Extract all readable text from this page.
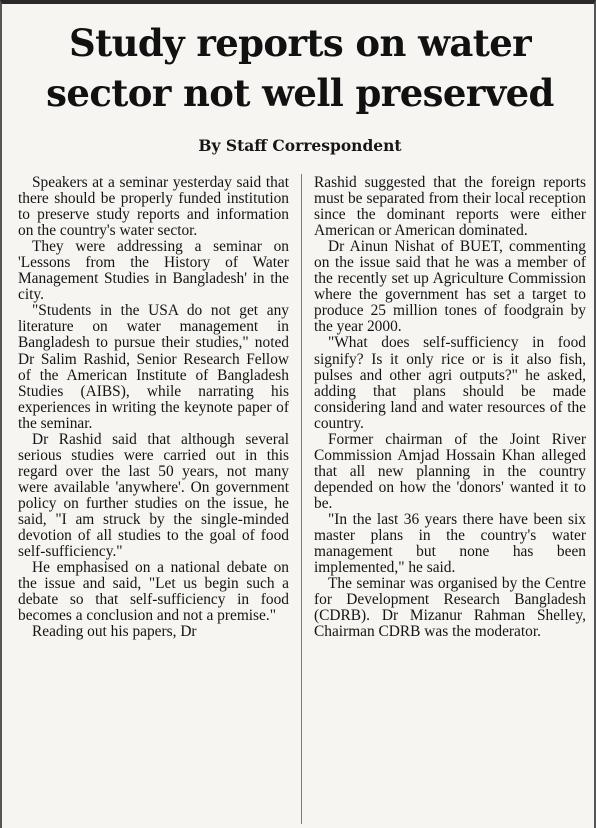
Study reports on water
sector not well preserved
By Staff Correspondent

Speakers at a seminar yesterday said that there should be properly funded institution to preserve study reports and information on the country's water sector.

They were addressing a seminar on 'Lessons from the History of Water Management Studies in Bangladesh' in the city.

"Students in the USA do not get any literature on water management in Bangladesh to pursue their studies," noted Dr Salim Rashid, Senior Research Fellow of the American Institute of Bangladesh Studies (AIBS), while narrating his experiences in writing the keynote paper of the seminar.

Dr Rashid said that although several serious studies were carried out in this regard over the last 50 years, not many were available 'anywhere'. On government policy on further studies on the issue, he said, "I am struck by the single-minded devotion of all studies to the goal of food self-sufficiency."

He emphasised on a national debate on the issue and said, "Let us begin such a debate so that self-sufficiency in food becomes a conclusion and not a premise."

Reading out his papers, Dr

Rashid suggested that the foreign reports must be separated from their local reception since the dominant reports were either American or American dominated.

Dr Ainun Nishat of BUET, commenting on the issue said that he was a member of the recently set up Agriculture Commission where the government has set a target to produce 25 million tones of foodgrain by the year 2000.

"What does self-sufficiency in food signify? Is it only rice or is it also fish, pulses and other agri outputs?" he asked, adding that plans should be made considering land and water resources of the country.

Former chairman of the Joint River Commission Amjad Hossain Khan alleged that all new planning in the country depended on how the 'donors' wanted it to be.

"In the last 36 years there have been six master plans in the country's water management but none has been implemented," he said.

The seminar was organised by the Centre for Development Research Bangladesh (CDRB). Dr Mizanur Rahman Shelley, Chairman CDRB was the moderator.
